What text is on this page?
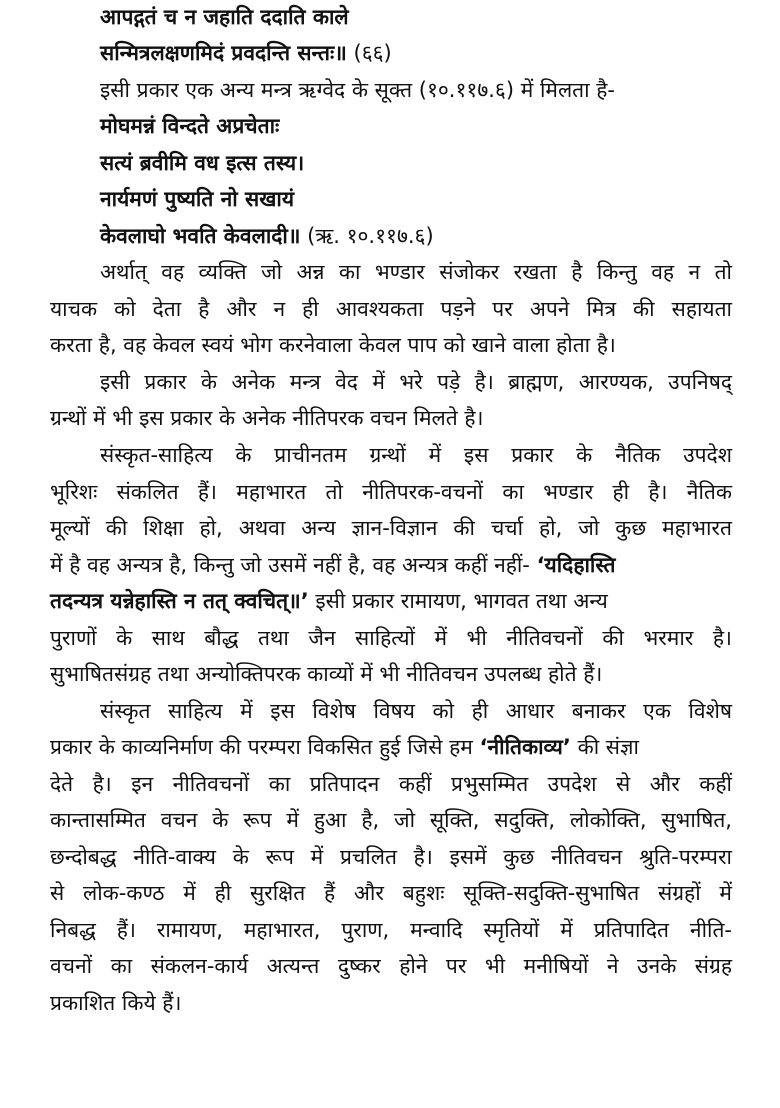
आपद्गतं च न जहाति ददाति काले
सन्मित्रलक्षणमिदं प्रवदन्ति सन्तः॥ (६६)
इसी प्रकार एक अन्य मन्त्र ऋग्वेद के सूक्त (१०.११७.६) में मिलता है-
मोघमन्नं विन्दते अप्रचेताः
सत्यं ब्रवीमि वध इत्स तस्य।
नार्यमणं पुष्यति नो सखायं
केवलाघो भवति केवलादी॥ (ऋ. १०.११७.६)
अर्थात् वह व्यक्ति जो अन्न का भण्डार संजोकर रखता है किन्तु वह न तो
याचक को देता है और न ही आवश्यकता पड़ने पर अपने मित्र की सहायता
करता है, वह केवल स्वयं भोग करनेवाला केवल पाप को खाने वाला होता है।
इसी प्रकार के अनेक मन्त्र वेद में भरे पड़े है। ब्राह्मण, आरण्यक, उपनिषद्
ग्रन्थों में भी इस प्रकार के अनेक नीतिपरक वचन मिलते है।
संस्कृत-साहित्य के प्राचीनतम ग्रन्थों में इस प्रकार के नैतिक उपदेश
भूरिशः संकलित हैं। महाभारत तो नीतिपरक-वचनों का भण्डार ही है। नैतिक
मूल्यों की शिक्षा हो, अथवा अन्य ज्ञान-विज्ञान की चर्चा हो, जो कुछ महाभारत
में है वह अन्यत्र है, किन्तु जो उसमें नहीं है, वह अन्यत्र कहीं नहीं- ‘यदिहास्ति
तदन्यत्र यन्नेहास्ति न तत् क्वचित्॥’ इसी प्रकार रामायण, भागवत तथा अन्य
पुराणों के साथ बौद्ध तथा जैन साहित्यों में भी नीतिवचनों की भरमार है।
सुभाषितसंग्रह तथा अन्योक्तिपरक काव्यों में भी नीतिवचन उपलब्ध होते हैं।
संस्कृत साहित्य में इस विशेष विषय को ही आधार बनाकर एक विशेष
प्रकार के काव्यनिर्माण की परम्परा विकसित हुई जिसे हम ‘नीतिकाव्य’ की संज्ञा
देते है। इन नीतिवचनों का प्रतिपादन कहीं प्रभुसम्मित उपदेश से और कहीं
कान्तासम्मित वचन के रूप में हुआ है, जो सूक्ति, सदुक्ति, लोकोक्ति, सुभाषित,
छन्दोबद्ध नीति-वाक्य के रूप में प्रचलित है। इसमें कुछ नीतिवचन श्रुति-परम्परा
से लोक-कण्ठ में ही सुरक्षित हैं और बहुशः सूक्ति-सदुक्ति-सुभाषित संग्रहों में
निबद्ध हैं। रामायण, महाभारत, पुराण, मन्वादि स्मृतियों में प्रतिपादित नीति-
वचनों का संकलन-कार्य अत्यन्त दुष्कर होने पर भी मनीषियों ने उनके संग्रह
प्रकाशित किये हैं।
